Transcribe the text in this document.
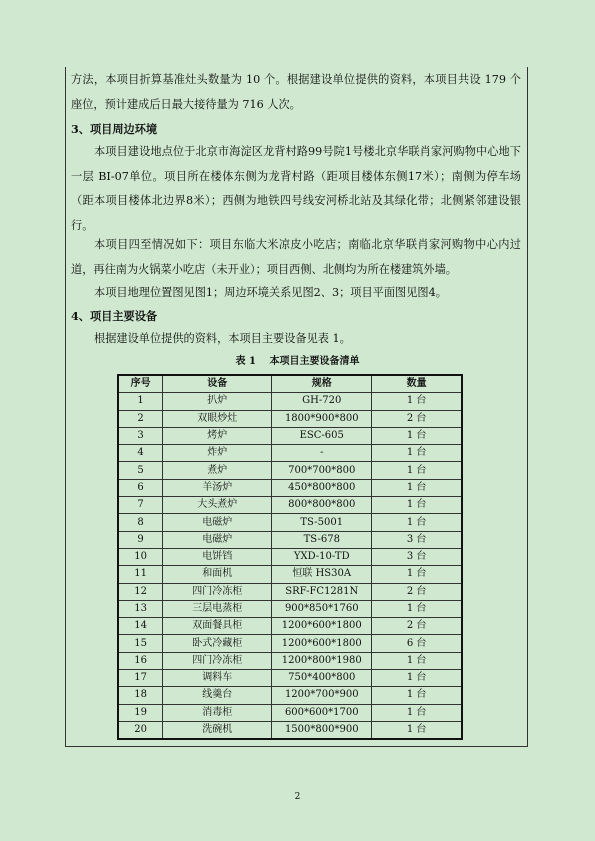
方法，本项目折算基准灶头数量为 10 个。根据建设单位提供的资料，本项目共设 179 个座位，预计建成后日最大接待量为 716 人次。

3、项目周边环境

本项目建设地点位于北京市海淀区龙背村路99号院1号楼北京华联肖家河购物中心地下一层 BI-07单位。项目所在楼体东侧为龙背村路（距项目楼体东侧17米）；南侧为停车场（距本项目楼体北边界8米）；西侧为地铁四号线安河桥北站及其绿化带；北侧紧邻建设银行。

本项目四至情况如下：项目东临大米凉皮小吃店；南临北京华联肖家河购物中心内过道，再往南为火锅菜小吃店（未开业）；项目西侧、北侧均为所在楼建筑外墙。

本项目地理位置图见图1；周边环境关系见图2、3；项目平面图见图4。

4、项目主要设备

根据建设单位提供的资料，本项目主要设备见表 1。

表 1　 本项目主要设备清单
序号	设备	规格	数量
1	扒炉	GH-720	1 台
2	双眼炒灶	1800*900*800	2 台
3	烤炉	ESC-605	1 台
4	炸炉	-	1 台
5	煮炉	700*700*800	1 台
6	羊汤炉	450*800*800	1 台
7	大头煮炉	800*800*800	1 台
8	电磁炉	TS-5001	1 台
9	电磁炉	TS-678	3 台
10	电饼铛	YXD-10-TD	3 台
11	和面机	恒联 HS30A	1 台
12	四门冷冻柜	SRF-FC1281N	2 台
13	三层电蒸柜	900*850*1760	1 台
14	双面餐具柜	1200*600*1800	2 台
15	卧式冷藏柜	1200*600*1800	6 台
16	四门冷冻柜	1200*800*1980	1 台
17	调料车	750*400*800	1 台
18	线羹台	1200*700*900	1 台
19	消毒柜	600*600*1700	1 台
20	洗碗机	1500*800*900	1 台
2
